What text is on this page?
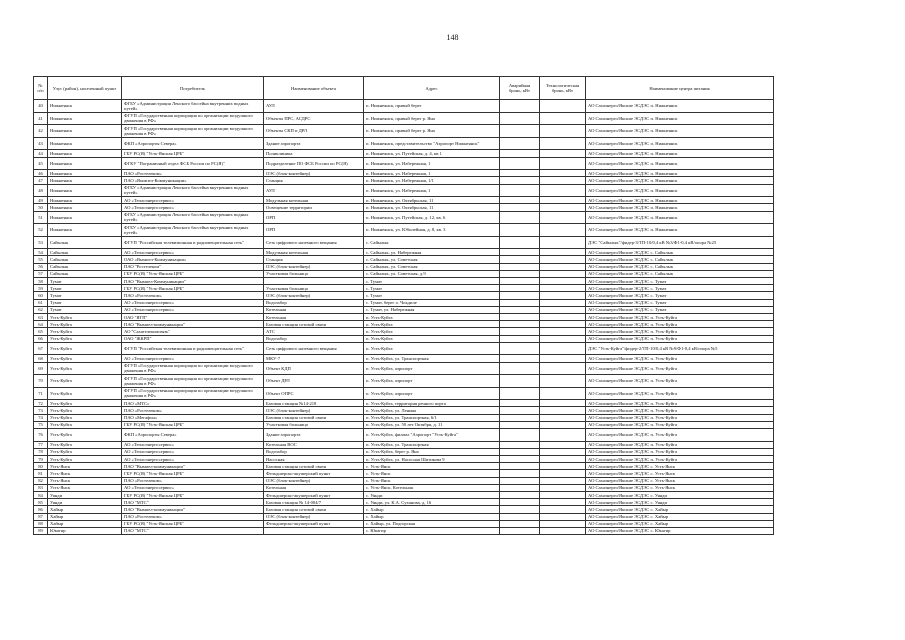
148
№ п/п	Улус (район), населенный пункт	Потребитель	Наименование объекта	Адрес	Аварийная бронь, кВт	Технологическая бронь, кВт	Наименование центра питания
40	Нижнеянск	ФГБУ «Администрация Ленского бассейна внутренних водных путей»	АУЛ	п. Нижнеянск, правый берег			АО Сахаэнерго/Якские ЭСДЭС п. Нижнеянск
41	Нижнеянск	ФГУП «Государственная корпорация по организации воздушного движения в РФ»	Объекты ПРС, АСДРС	п. Нижнеянск, правый берег р. Яна			АО Сахаэнерго/Якские ЭСДЭС п. Нижнеянск
42	Нижнеянск	ФГУП «Государственная корпорация по организации воздушного движения в РФ»	Объекты СКП и ДРЛ	п. Нижнеянск, правый берег р. Яна			АО Сахаэнерго/Якские ЭСДЭС п. Нижнеянск
43	Нижнеянск	ФКП «Аэропорты Севера»	Здание аэропорта	п. Нижнеянск, представительство "Аэропорт Нижнеянск"			АО Сахаэнерго/Якские ЭСДЭС п. Нижнеянск
44	Нижнеянск	ГБУ РС(Я) "Усть-Янская ЦРБ"	Поликлиника	п. Нижнеянск, ул. Путейская, д. 4, кв 1			АО Сахаэнерго/Якские ЭСДЭС п. Нижнеянск
45	Нижнеянск	ФГКУ "Пограничный отдел ФСБ России по РС(Я)"	Подразделение ПО ФСБ России по РС(Я)	п. Нижнеянск, ул. Набережная, 1			АО Сахаэнерго/Якские ЭСДЭС п. Нижнеянск
46	Нижнеянск	ПАО «Ростелеком»	ОЭС (блок-контейнер)	п. Нижнеянск, ул. Набережная, 1			АО Сахаэнерго/Якские ЭСДЭС п. Нижнеянск
47	Нижнеянск	ПАО «Вымпел-Коммуникации»	Станция	п. Нижнеянск, ул. Набережная, 1/1			АО Сахаэнерго/Якские ЭСДЭС п. Нижнеянск
48	Нижнеянск	ФГБУ «Администрация Ленского бассейна внутренних водных путей»	АУЛ	п. Нижнеянск, ул. Набережная, 1			АО Сахаэнерго/Якские ЭСДЭС п. Нижнеянск
49	Нижнеянск	АО «Теплоэнергосервис»	Модульная котельная	п. Нижнеянск, ул. Октябрьская, 11			АО Сахаэнерго/Якские ЭСДЭС п. Нижнеянск
50	Нижнеянск	АО «Теплоэнергосервис»	Освещение территории	п. Нижнеянск, ул. Октябрьская, 11			АО Сахаэнерго/Якские ЭСДЭС п. Нижнеянск
51	Нижнеянск	ФГБУ «Администрация Ленского бассейна внутренних водных путей»	ОРП	п. Нижнеянск, ул. Путейская, д. 12, кв. 6			АО Сахаэнерго/Якские ЭСДЭС п. Нижнеянск
52	Нижнеянск	ФГБУ «Администрация Ленского бассейна внутренних водных путей»	ОРП	п. Нижнеянск, ул. Юбилейная, д. 8, кв. 3			АО Сахаэнерго/Якские ЭСДЭС п. Нижнеянск
53	Сайылык	ФГУП "Российская телевизионная и радиовещательная сеть"	Сеть цифрового наземного вещания	с. Сайылык			ДЭС "Сайылык"/фидер-З/ТП-10/0,4 кВ №3/Ф1-0,4 кВ/опора №25
54	Сайылык	АО «Теплоэнергосервис»	Модульная котельная	с. Сайылык, ул. Набережная			АО Сахаэнерго/Якские ЭСДЭС с. Сайылык
55	Сайылык	ОАО «Вымпел-Коммуникации»	Станция	с. Сайылык, ул. Советская			АО Сахаэнерго/Якские ЭСДЭС с. Сайылык
56	Сайылык	ПАО "Ростелеком"	ОЭС (блок-контейнер)	с. Сайылык, ул. Советская			АО Сахаэнерго/Якские ЭСДЭС с. Сайылык
57	Сайылык	ГБУ РС(Я) "Усть-Янская ЦРБ"	Участковая больница	с. Сайылык, ул. Советская, д.9			АО Сахаэнерго/Якские ЭСДЭС с. Сайылык
58	Тумат	ПАО "Вымпел-Коммуникации"		с. Тумат			АО Сахаэнерго/Якские ЭСДЭС с. Тумат
59	Тумат	ГБУ РС(Я) "Усть-Янская ЦРБ"	Участковая больница	с. Тумат			АО Сахаэнерго/Якские ЭСДЭС с. Тумат
60	Тумат	ПАО «Ростелеком»	ОЭС (блок-контейнер)	с. Тумат			АО Сахаэнерго/Якские ЭСДЭС с. Тумат
61	Тумат	АО «Теплоэнергосервис»	Водозабор	с. Тумат, берег о. Чокдиле			АО Сахаэнерго/Якские ЭСДЭС с. Тумат
62	Тумат	АО «Теплоэнергосервис»	Котельная	с. Тумат, ул. Набережная			АО Сахаэнерго/Якские ЭСДЭС с. Тумат
63	Усть-Куйга	ОАО "ЯГП"	Котельная	п. Усть-Куйга			АО Сахаэнерго/Якские ЭСДЭС п. Усть-Куйга
64	Усть-Куйга	ПАО "Вымпел-коммуникации"	Базовая станция сотовой связи	п. Усть-Куйга			АО Сахаэнерго/Якские ЭСДЭС п. Усть-Куйга
65	Усть-Куйга	АО "Сахателекомсвязь"	АТС	п. Усть-Куйга			АО Сахаэнерго/Якские ЭСДЭС п. Усть-Куйга
66	Усть-Куйга	ОАО "ЖКРП"	Водозабор	п. Усть-Куйга			АО Сахаэнерго/Якские ЭСДЭС п. Усть-Куйга
67	Усть-Куйга	ФГУП "Российская телевизионная и радиовещательная сеть"	Сеть цифрового наземного вещания	п. Усть-Куйга			ДЭС "Усть-Куйга"/фидер-2/ТП-10/0,4 кВ №9/Ф1-0,4 кВ/опора №5
68	Усть-Куйга	АО «Теплоэнергосервис»	МКУ-7	п. Усть-Куйга, ул. Транспортная			АО Сахаэнерго/Якские ЭСДЭС п. Усть-Куйга
69	Усть-Куйга	ФГУП «Государственная корпорация по организации воздушного движения в РФ»	Объект КДП	п. Усть-Куйга, аэропорт			АО Сахаэнерго/Якские ЭСДЭС п. Усть-Куйга
70	Усть-Куйга	ФГУП «Государственная корпорация по организации воздушного движения в РФ»	Объект ДРЛ	п. Усть-Куйга, аэропорт			АО Сахаэнерго/Якские ЭСДЭС п. Усть-Куйга
71	Усть-Куйга	ФГУП «Государственная корпорация по организации воздушного движения в РФ»	Объект ОПРС	п. Усть-Куйга, аэропорт			АО Сахаэнерго/Якские ЭСДЭС п. Усть-Куйга
72	Усть-Куйга	ПАО «МТС»	Базовая станция №14-218	п. Усть-Куйга, территория речного порта			АО Сахаэнерго/Якские ЭСДЭС п. Усть-Куйга
73	Усть-Куйга	ПАО «Ростелеком»	ОЭС (блок-контейнер)	п. Усть-Куйга, ул. Ленина			АО Сахаэнерго/Якские ЭСДЭС п. Усть-Куйга
74	Усть-Куйга	ПАО «Мегафон»	Базовая станция сотовой связи	п. Усть-Куйга, ул. Транспортная, 6/1			АО Сахаэнерго/Якские ЭСДЭС п. Усть-Куйга
75	Усть-Куйга	ГБУ РС(Я) "Усть-Янская ЦРБ"	Участковая больница	п. Усть-Куйга, ул. 50 лет Октября, д. 11			АО Сахаэнерго/Якские ЭСДЭС п. Усть-Куйга
76	Усть-Куйга	ФКП «Аэропорты Севера»	Здание аэропорта	п. Усть-Куйга, филиал "Аэропорт "Усть-Куйга"			АО Сахаэнерго/Якские ЭСДЭС п. Усть-Куйга
77	Усть-Куйга	АО «Теплоэнергосервис»	Котельная ВОС	п. Усть-Куйга, ул. Транспортная			АО Сахаэнерго/Якские ЭСДЭС п. Усть-Куйга
78	Усть-Куйга	АО «Теплоэнергосервис»	Водозабор	п. Усть-Куйга, берег р. Яна			АО Сахаэнерго/Якские ЭСДЭС п. Усть-Куйга
79	Усть-Куйга	АО «Теплоэнергосервис»	Насосная	п. Усть-Куйга, ул. Насосная Шитикова 9			АО Сахаэнерго/Якские ЭСДЭС п. Усть-Куйга
80	Усть-Янск	ПАО "Вымпел-коммуникации"	Базовая станция сотовой связи	с. Усть-Янск			АО Сахаэнерго/Якские ЭСДЭС с. Усть-Янск
81	Усть-Янск	ГБУ РС(Я) "Усть-Янская ЦРБ"	Фельдшерско-акушерский пункт	с. Усть-Янск			АО Сахаэнерго/Якские ЭСДЭС с. Усть-Янск
82	Усть-Янск	ПАО «Ростелеком»	ОЭС (блок-контейнер)	с. Усть-Янск			АО Сахаэнерго/Якские ЭСДЭС с. Усть-Янск
83	Усть-Янск	АО «Теплоэнергосервис»	Котельная	с. Усть-Янск, Котельная			АО Сахаэнерго/Якские ЭСДЭС с. Усть-Янск
84	Уянди	ГБУ РС(Я) "Усть-Янская ЦРБ"	Фельдшерско-акушерский пункт	с. Уянди			АО Сахаэнерго/Якские ЭСДЭС с. Уянди
85	Уянди	ПАО "МТС"	Базовая станция № 14-004/7	с. Уянди, ул. К.А. Суханова, д. 16			АО Сахаэнерго/Якские ЭСДЭС с. Уянди
86	Хайыр	ПАО "Вымпел-коммуникации"	Базовая станция сотовой связи	с. Хайыр			АО Сахаэнерго/Якские ЭСДЭС с. Хайыр
87	Хайыр	ПАО «Ростелеком»	ОЭС (блок-контейнер)	с. Хайыр			АО Сахаэнерго/Якские ЭСДЭС с. Хайыр
88	Хайыр	ГБУ РС(Я) "Усть-Янская ЦРБ"	Фельдшерско-акушерский пункт	с. Хайыр, ул. Подгорская			АО Сахаэнерго/Якские ЭСДЭС с. Хайыр
89	Юкагир	ПАО "МТС"		с. Юкагир			АО Сахаэнерго/Якские ЭСДЭС с. Юкагир
